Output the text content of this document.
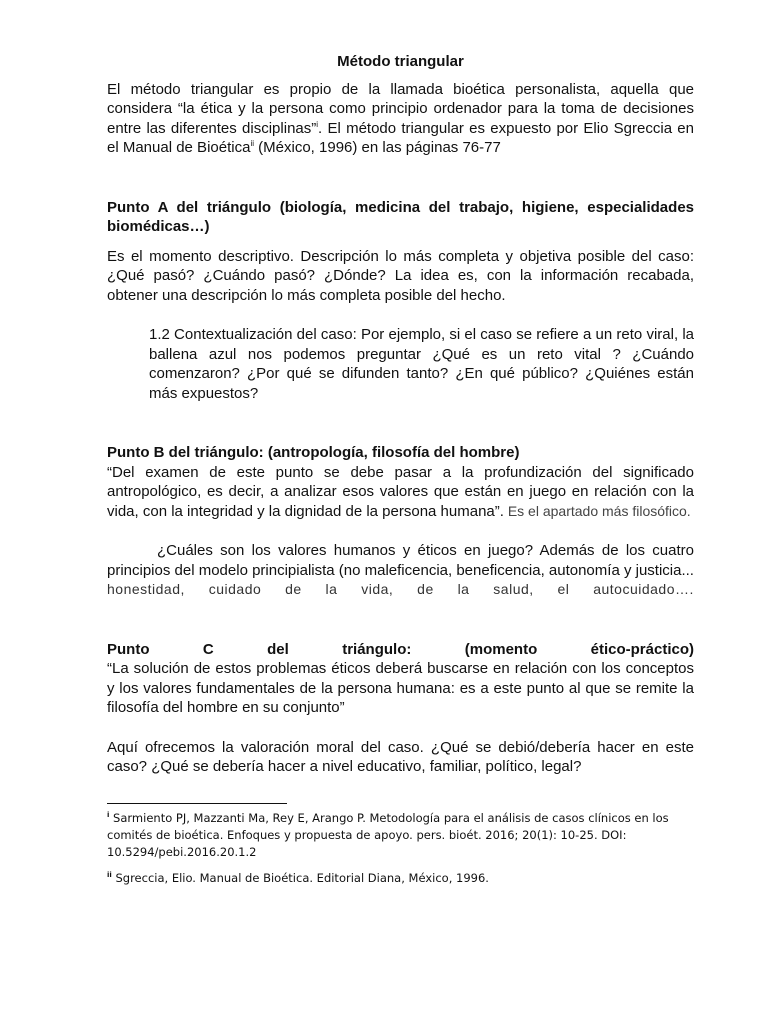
Método triangular

El método triangular es propio de la llamada bioética personalista, aquella que considera “la ética y la persona como principio ordenador para la toma de decisiones entre las diferentes disciplinas”$^i$. El método triangular es expuesto por Elio Sgreccia en el Manual de Bioética$^{ii}$ (México, 1996) en las páginas 76-77

Punto A del triángulo (biología, medicina del trabajo, higiene, especialidades biomédicas…)

Es el momento descriptivo. Descripción lo más completa y objetiva posible del caso: ¿Qué pasó? ¿Cuándo pasó? ¿Dónde? La idea es, con la información recabada, obtener una descripción lo más completa posible del hecho.

1.2 Contextualización del caso: Por ejemplo, si el caso se refiere a un reto viral, la ballena azul nos podemos preguntar ¿Qué es un reto vital ? ¿Cuándo comenzaron? ¿Por qué se difunden tanto? ¿En qué público? ¿Quiénes están más expuestos?

Punto B del triángulo: (antropología, filosofía del hombre)

“Del examen de este punto se debe pasar a la profundización del significado antropológico, es decir, a analizar esos valores que están en juego en relación con la vida, con la integridad y la dignidad de la persona humana”. Es el apartado más filosófico.

¿Cuáles son los valores humanos y éticos en juego? Además de los cuatro principios del modelo principialista (no maleficencia, beneficencia, autonomía y justicia...

honestidad, cuidado de la vida, de la salud, el autocuidado….
Punto	C	del	triángulo:	(momento	ético-práctico)

“La solución de estos problemas éticos deberá buscarse en relación con los conceptos y los valores fundamentales de la persona humana: es a este punto al que se remite la filosofía del hombre en su conjunto”

Aquí ofrecemos la valoración moral del caso. ¿Qué se debió/debería hacer en este caso? ¿Qué se debería hacer a nivel educativo, familiar, político, legal?

$^i$ Sarmiento PJ, Mazzanti Ma, Rey E, Arango P. Metodología para el análisis de casos clínicos en los comités de bioética. Enfoques y propuesta de apoyo. pers. bioét. 2016; 20(1): 10-25. DOI: 10.5294/pebi.2016.20.1.2

$^{ii}$ Sgreccia, Elio. Manual de Bioética. Editorial Diana, México, 1996.
